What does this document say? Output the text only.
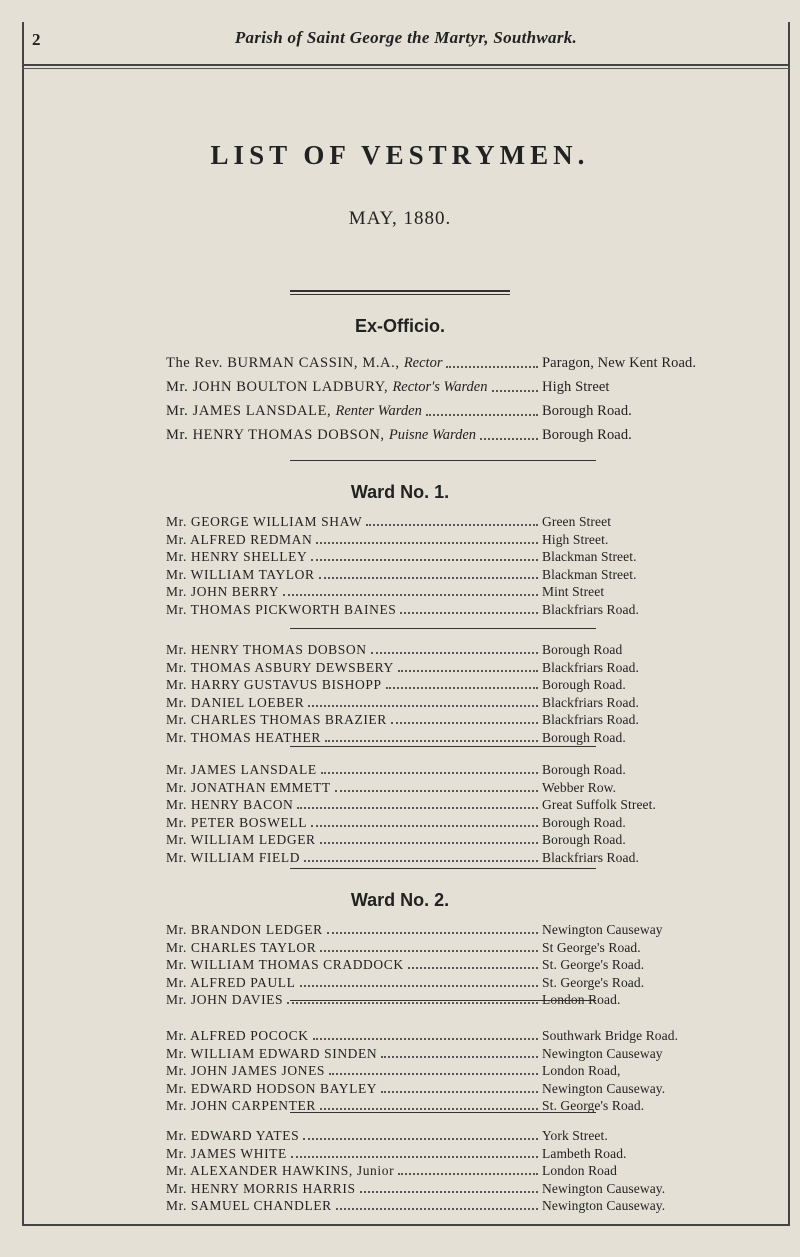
2	Parish of Saint George the Martyr, Southwark.
LIST OF VESTRYMEN.
MAY, 1880.
Ex-Officio.
The Rev. BURMAN CASSIN, M.A., Rector	Paragon, New Kent Road.
Mr. JOHN BOULTON LADBURY, Rector's Warden	High Street
Mr. JAMES LANSDALE, Renter Warden	Borough Road.
Mr. HENRY THOMAS DOBSON, Puisne Warden	Borough Road.
Ward No. 1.
Mr. GEORGE WILLIAM SHAW	Green Street
Mr. ALFRED REDMAN	High Street.
Mr. HENRY SHELLEY	Blackman Street.
Mr. WILLIAM TAYLOR	Blackman Street.
Mr. JOHN BERRY	Mint Street
Mr. THOMAS PICKWORTH BAINES	Blackfriars Road.
Mr. HENRY THOMAS DOBSON	Borough Road
Mr. THOMAS ASBURY DEWSBERY	Blackfriars Road.
Mr. HARRY GUSTAVUS BISHOPP	Borough Road.
Mr. DANIEL LOEBER	Blackfriars Road.
Mr. CHARLES THOMAS BRAZIER	Blackfriars Road.
Mr. THOMAS HEATHER	Borough Road.
Mr. JAMES LANSDALE	Borough Road.
Mr. JONATHAN EMMETT	Webber Row.
Mr. HENRY BACON	Great Suffolk Street.
Mr. PETER BOSWELL	Borough Road.
Mr. WILLIAM LEDGER	Borough Road.
Mr. WILLIAM FIELD	Blackfriars Road.
Ward No. 2.
Mr. BRANDON LEDGER	Newington Causeway
Mr. CHARLES TAYLOR	St George's Road.
Mr. WILLIAM THOMAS CRADDOCK	St. George's Road.
Mr. ALFRED PAULL	St. George's Road.
Mr. JOHN DAVIES	London Road.
Mr. ALFRED POCOCK	Southwark Bridge Road.
Mr. WILLIAM EDWARD SINDEN	Newington Causeway
Mr. JOHN JAMES JONES	London Road,
Mr. EDWARD HODSON BAYLEY	Newington Causeway.
Mr. JOHN CARPENTER	St. George's Road.
Mr. EDWARD YATES	York Street.
Mr. JAMES WHITE	Lambeth Road.
Mr. ALEXANDER HAWKINS, Junior	London Road
Mr. HENRY MORRIS HARRIS	Newington Causeway.
Mr. SAMUEL CHANDLER	Newington Causeway.
